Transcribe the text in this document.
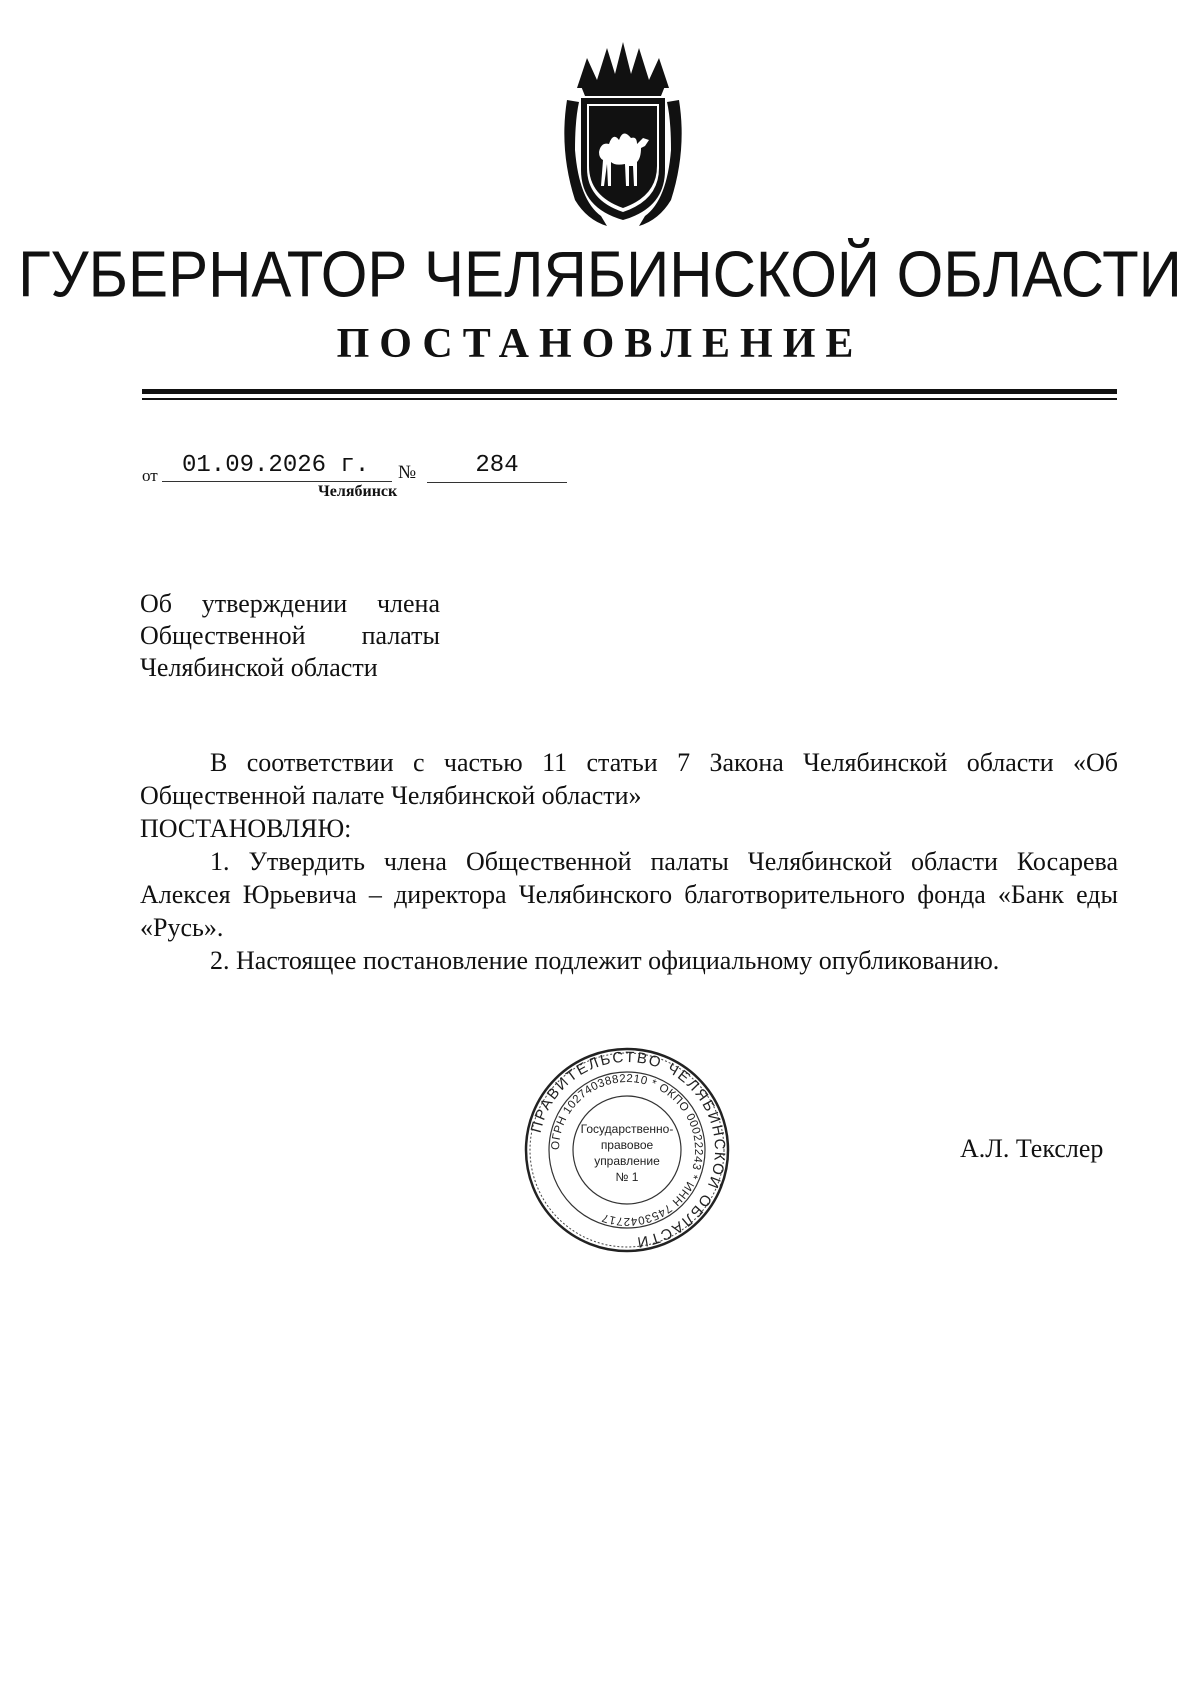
ГУБЕРНАТОР ЧЕЛЯБИНСКОЙ ОБЛАСТИ
ПОСТАНОВЛЕНИЕ
от	01.09.2026 г.	№	284
Челябинск
Об утверждении члена
Общественной палаты
Челябинской области
В соответствии с частью 11 статьи 7 Закона Челябинской области «Об Общественной палате Челябинской области»
ПОСТАНОВЛЯЮ:
1. Утвердить члена Общественной палаты Челябинской области Косарева Алексея Юрьевича – директора Челябинского благотворительного фонда «Банк еды «Русь».
2. Настоящее постановление подлежит официальному опубликованию.
ПРАВИТЕЛЬСТВО ЧЕЛЯБИНСКОЙ ОБЛАСТИ
ОГРН 1027403882210 * ОКПО 00022243 * ИНН 7453042717
Государственно-
правовое
управление
№ 1
А.Л. Текслер
